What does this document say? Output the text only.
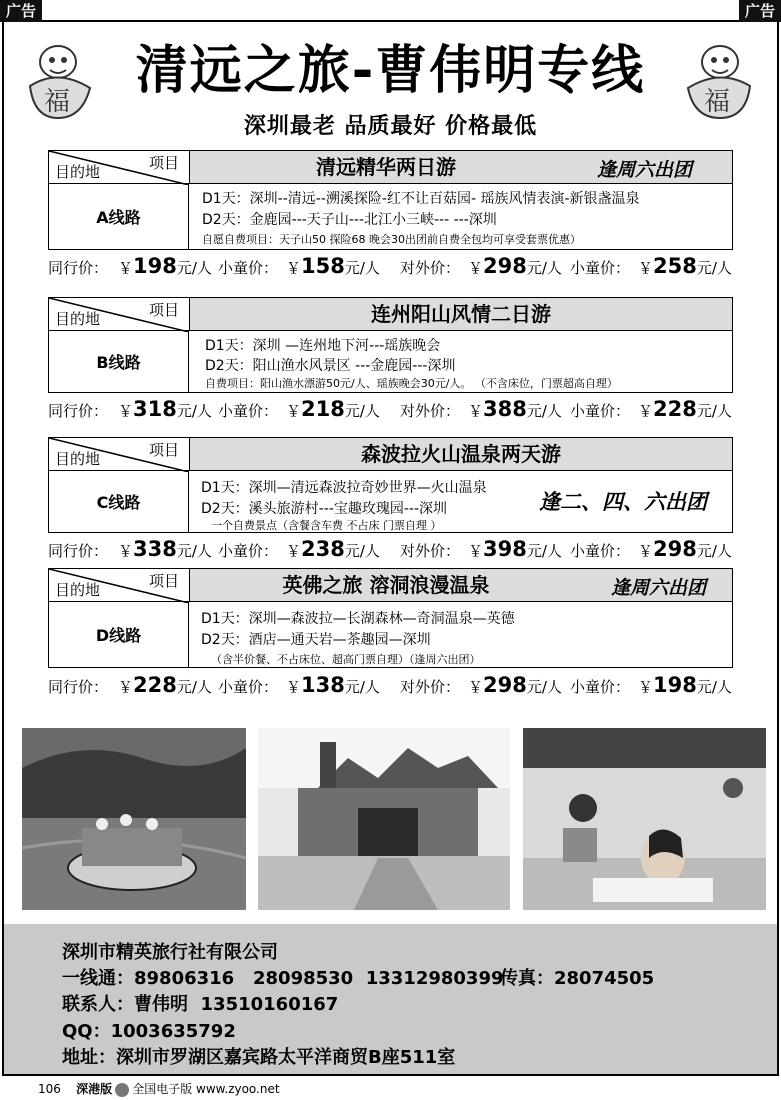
广告	广告
福	福
清远之旅-曹伟明专线
深圳最老 品质最好 价格最低
项目
目的地	清远精华两日游	逢周六出团
A线路
D1天：深圳--清远--溯溪探险-红不让百菇园- 瑶族风情表演-新银盏温泉
D2天：金鹿园---天子山---北江小三峡--- ---深圳
自愿自费项目：天子山50 探险68 晚会30出团前自费全包均可享受套票优惠）
同行价： ￥198元/人 小童价： ￥158元/人 对外价： ￥298元/人 小童价： ￥258元/人
项目
目的地	连州阳山风情二日游
B线路
D1天：深圳 —连州地下河---瑶族晚会
D2天：阳山渔水风景区 ---金鹿园---深圳
自费项目：阳山渔水漂游50元/人、瑶族晚会30元/人。 （不含床位，门票超高自理）
同行价： ￥318元/人 小童价： ￥218元/人 对外价： ￥388元/人 小童价： ￥228元/人
项目
目的地	森波拉火山温泉两天游
C线路
D1天：深圳—清远森波拉奇妙世界—火山温泉
D2天：溪头旅游村---宝趣玫瑰园---深圳
一个自费景点（含餐含车费 不占床 门票自理 ）
逢二、四、六出团
同行价： ￥338元/人 小童价： ￥238元/人 对外价： ￥398元/人 小童价： ￥298元/人
项目
目的地	英佛之旅 溶洞浪漫温泉	逢周六出团
D线路
D1天：深圳—森波拉—长湖森林—奇洞温泉—英德
D2天：酒店—通天岩—茶趣园—深圳
（含半价餐、不占床位、超高门票自理）（逢周六出团）
同行价： ￥228元/人 小童价： ￥138元/人 对外价： ￥298元/人 小童价： ￥198元/人
深圳市精英旅行社有限公司
一线通：89806316   28098530  13312980399
传真：28074505
联系人：曹伟明  13510160167
QQ：1003635792
地址：深圳市罗湖区嘉宾路太平洋商贸B座511室
106 深港版 全国电子版 www.zyoo.net
